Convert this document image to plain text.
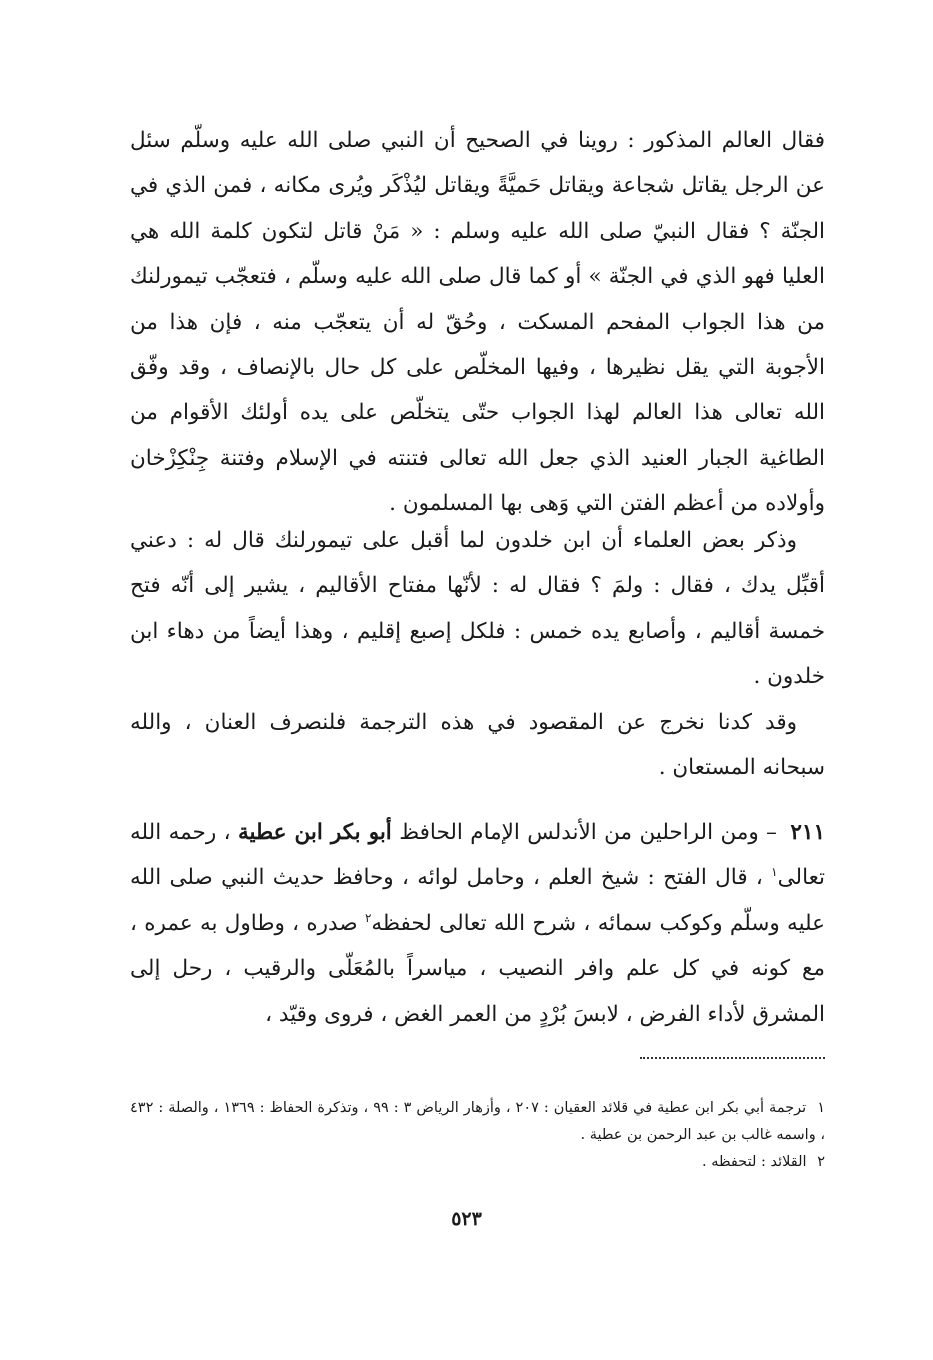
فقال العالم المذكور : روينا في الصحيح أن النبي صلى الله عليه وسلّم سئل عن الرجل يقاتل شجاعة ويقاتل حَميَّةً ويقاتل ليُذْكَر ويُرى مكانه ، فمن الذي في الجنّة ؟ فقال النبيّ صلى الله عليه وسلم : « مَنْ قاتل لتكون كلمة الله هي العليا فهو الذي في الجنّة » أو كما قال صلى الله عليه وسلّم ، فتعجّب تيمورلنك من هذا الجواب المفحم المسكت ، وحُقّ له أن يتعجّب منه ، فإن هذا من الأجوبة التي يقل نظيرها ، وفيها المخلّص على كل حال بالإنصاف ، وقد وفّق الله تعالى هذا العالم لهذا الجواب حتّى يتخلّص على يده أولئك الأقوام من الطاغية الجبار العنيد الذي جعل الله تعالى فتنته في الإسلام وفتنة جِنْكِزْخان وأولاده من أعظم الفتن التي وَهى بها المسلمون .

وذكر بعض العلماء أن ابن خلدون لما أقبل على تيمورلنك قال له : دعني أقبِّل يدك ، فقال : ولمَ ؟ فقال له : لأنّها مفتاح الأقاليم ، يشير إلى أنّه فتح خمسة أقاليم ، وأصابع يده خمس : فلكل إصبع إقليم ، وهذا أيضاً من دهاء ابن خلدون .

وقد كدنا نخرج عن المقصود في هذه الترجمة فلنصرف العنان ، والله سبحانه المستعان .

٢١١ – ومن الراحلين من الأندلس الإمام الحافظ أبو بكر ابن عطية ، رحمه الله تعالى$^١$ ، قال الفتح : شيخ العلم ، وحامل لوائه ، وحافظ حديث النبي صلى الله عليه وسلّم وكوكب سمائه ، شرح الله تعالى لحفظه$^٢$ صدره ، وطاول به عمره ، مع كونه في كل علم وافر النصيب ، مياسراً بالمُعَلّى والرقيب ، رحل إلى المشرق لأداء الفرض ، لابسَ بُرْدٍ من العمر الغض ، فروى وقيّد ،

١ ترجمة أبي بكر ابن عطية في قلائد العقيان : ٢٠٧ ، وأزهار الرياض ٣ : ٩٩ ، وتذكرة الحفاظ : ١٣٦٩ ، والصلة : ٤٣٢ ، واسمه غالب بن عبد الرحمن بن عطية .

٢ القلائد : لتحفظه .

٥٢٣
